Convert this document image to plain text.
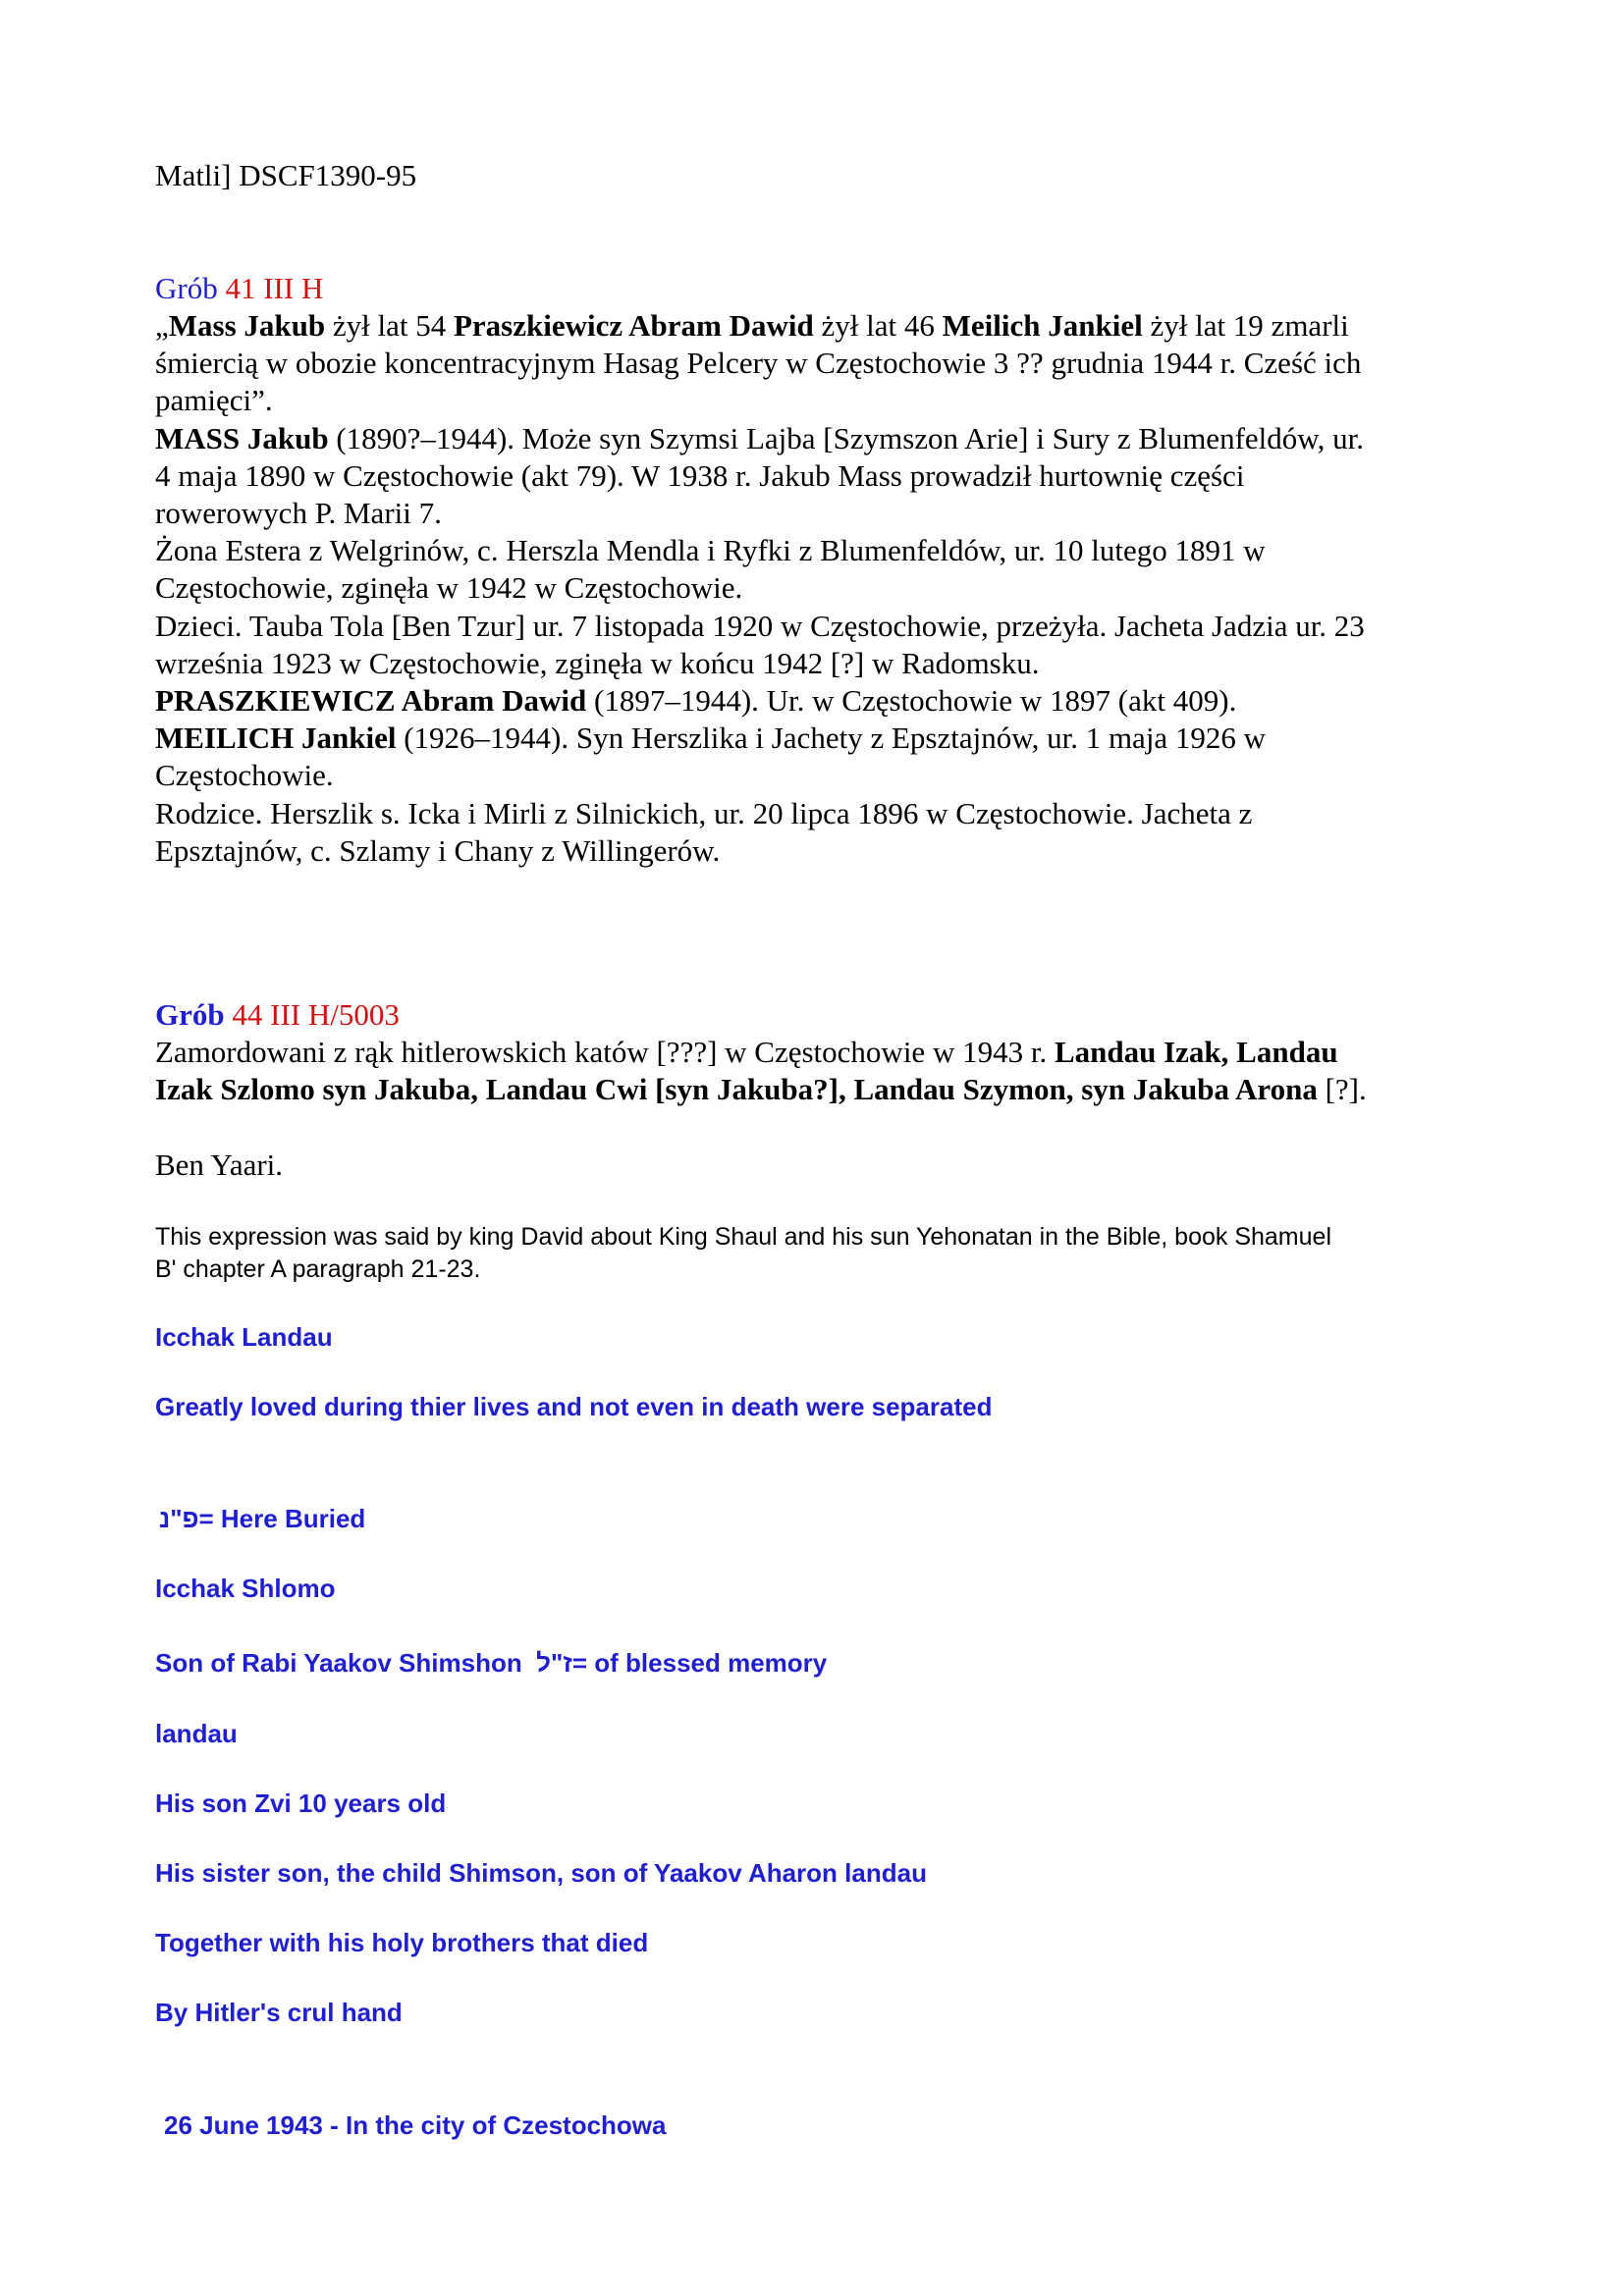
Matli] DSCF1390-95
Grób 41 III H
„Mass Jakub żył lat 54 Praszkiewicz Abram Dawid żył lat 46 Meilich Jankiel żył lat 19 zmarli
śmiercią w obozie koncentracyjnym Hasag Pelcery w Częstochowie 3 ?? grudnia 1944 r. Cześć ich
pamięci”.
MASS Jakub (1890?–1944). Może syn Szymsi Lajba [Szymszon Arie] i Sury z Blumenfeldów, ur.
4 maja 1890 w Częstochowie (akt 79). W 1938 r. Jakub Mass prowadził hurtownię części
rowerowych P. Marii 7.
Żona Estera z Welgrinów, c. Herszla Mendla i Ryfki z Blumenfeldów, ur. 10 lutego 1891 w
Częstochowie, zginęła w 1942 w Częstochowie.
Dzieci. Tauba Tola [Ben Tzur] ur. 7 listopada 1920 w Częstochowie, przeżyła. Jacheta Jadzia ur. 23
września 1923 w Częstochowie, zginęła w końcu 1942 [?] w Radomsku.
PRASZKIEWICZ Abram Dawid (1897–1944). Ur. w Częstochowie w 1897 (akt 409).
MEILICH Jankiel (1926–1944). Syn Herszlika i Jachety z Epsztajnów, ur. 1 maja 1926 w
Częstochowie.
Rodzice. Herszlik s. Icka i Mirli z Silnickich, ur. 20 lipca 1896 w Częstochowie. Jacheta z
Epsztajnów, c. Szlamy i Chany z Willingerów.
Grób 44 III H/5003
Zamordowani z rąk hitlerowskich katów [???] w Częstochowie w 1943 r. Landau Izak, Landau
Izak Szlomo syn Jakuba, Landau Cwi [syn Jakuba?], Landau Szymon, syn Jakuba Arona [?].
Ben Yaari.
This expression was said by king David about King Shaul and his sun Yehonatan in the Bible, book Shamuel
B' chapter A paragraph 21-23.
Icchak Landau
Greatly loved during thier lives and not even in death were separated
פ"נ= Here Buried
Icchak Shlomo
Son of Rabi Yaakov Shimshon  ז"ל= of blessed memory
landau
His son Zvi 10 years old
His sister son, the child Shimson, son of Yaakov Aharon landau
Together with his holy brothers that died
By Hitler's crul hand
26 June 1943 - In the city of Czestochowa
